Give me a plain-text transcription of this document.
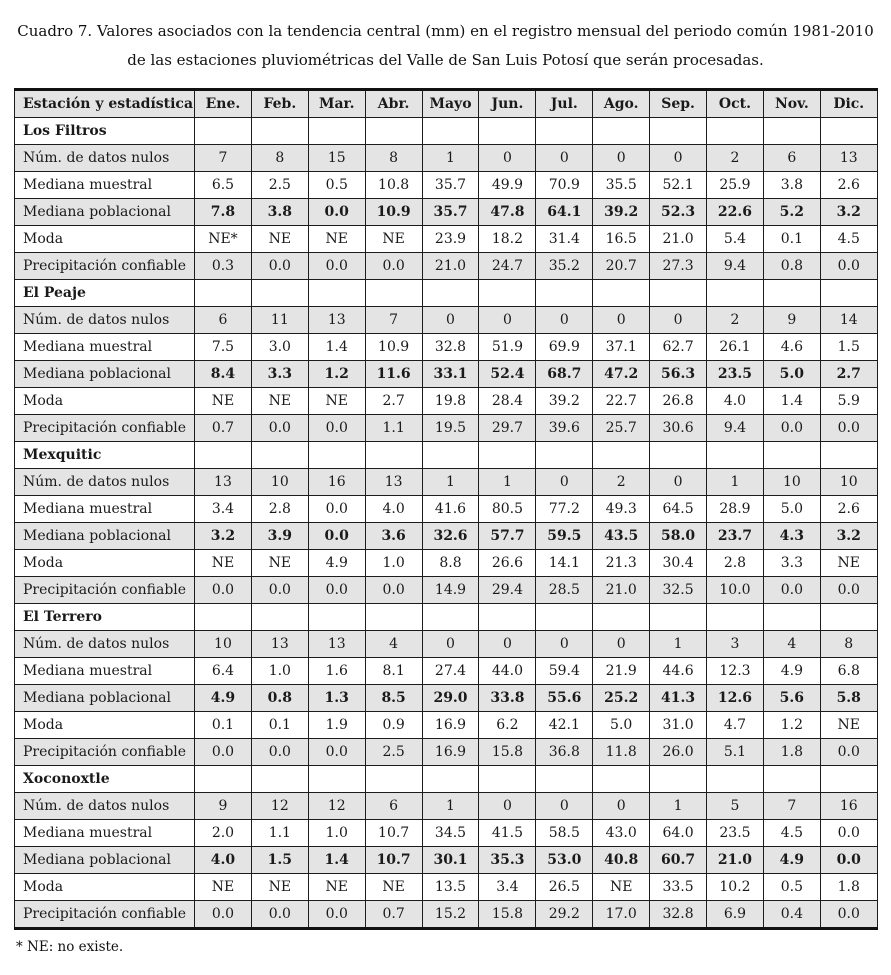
Cuadro 7. Valores asociados con la tendencia central (mm) en el registro mensual del periodo común 1981-2010
de las estaciones pluviométricas del Valle de San Luis Potosí que serán procesadas.
Estación y estadística	Ene.	Feb.	Mar.	Abr.	Mayo	Jun.	Jul.	Ago.	Sep.	Oct.	Nov.	Dic.
Los Filtros												
Núm. de datos nulos	7	8	15	8	1	0	0	0	0	2	6	13
Mediana muestral	6.5	2.5	0.5	10.8	35.7	49.9	70.9	35.5	52.1	25.9	3.8	2.6
Mediana poblacional	7.8	3.8	0.0	10.9	35.7	47.8	64.1	39.2	52.3	22.6	5.2	3.2
Moda	NE*	NE	NE	NE	23.9	18.2	31.4	16.5	21.0	5.4	0.1	4.5
Precipitación confiable	0.3	0.0	0.0	0.0	21.0	24.7	35.2	20.7	27.3	9.4	0.8	0.0
El Peaje												
Núm. de datos nulos	6	11	13	7	0	0	0	0	0	2	9	14
Mediana muestral	7.5	3.0	1.4	10.9	32.8	51.9	69.9	37.1	62.7	26.1	4.6	1.5
Mediana poblacional	8.4	3.3	1.2	11.6	33.1	52.4	68.7	47.2	56.3	23.5	5.0	2.7
Moda	NE	NE	NE	2.7	19.8	28.4	39.2	22.7	26.8	4.0	1.4	5.9
Precipitación confiable	0.7	0.0	0.0	1.1	19.5	29.7	39.6	25.7	30.6	9.4	0.0	0.0
Mexquitic												
Núm. de datos nulos	13	10	16	13	1	1	0	2	0	1	10	10
Mediana muestral	3.4	2.8	0.0	4.0	41.6	80.5	77.2	49.3	64.5	28.9	5.0	2.6
Mediana poblacional	3.2	3.9	0.0	3.6	32.6	57.7	59.5	43.5	58.0	23.7	4.3	3.2
Moda	NE	NE	4.9	1.0	8.8	26.6	14.1	21.3	30.4	2.8	3.3	NE
Precipitación confiable	0.0	0.0	0.0	0.0	14.9	29.4	28.5	21.0	32.5	10.0	0.0	0.0
El Terrero												
Núm. de datos nulos	10	13	13	4	0	0	0	0	1	3	4	8
Mediana muestral	6.4	1.0	1.6	8.1	27.4	44.0	59.4	21.9	44.6	12.3	4.9	6.8
Mediana poblacional	4.9	0.8	1.3	8.5	29.0	33.8	55.6	25.2	41.3	12.6	5.6	5.8
Moda	0.1	0.1	1.9	0.9	16.9	6.2	42.1	5.0	31.0	4.7	1.2	NE
Precipitación confiable	0.0	0.0	0.0	2.5	16.9	15.8	36.8	11.8	26.0	5.1	1.8	0.0
Xoconoxtle												
Núm. de datos nulos	9	12	12	6	1	0	0	0	1	5	7	16
Mediana muestral	2.0	1.1	1.0	10.7	34.5	41.5	58.5	43.0	64.0	23.5	4.5	0.0
Mediana poblacional	4.0	1.5	1.4	10.7	30.1	35.3	53.0	40.8	60.7	21.0	4.9	0.0
Moda	NE	NE	NE	NE	13.5	3.4	26.5	NE	33.5	10.2	0.5	1.8
Precipitación confiable	0.0	0.0	0.0	0.7	15.2	15.8	29.2	17.0	32.8	6.9	0.4	0.0
* NE: no existe.
